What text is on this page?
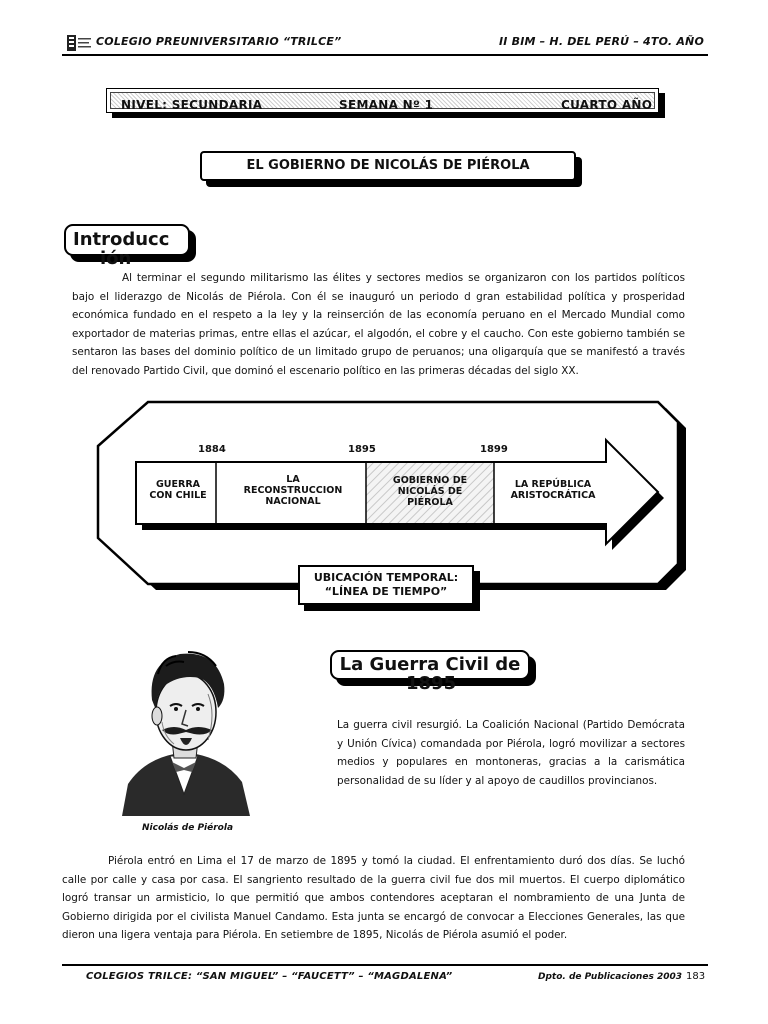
COLEGIO PREUNIVERSITARIO “TRILCE”	II BIM – H. DEL PERÚ – 4TO. AÑO
NIVEL: SECUNDARIA	SEMANA Nº 1	CUARTO AÑO
EL GOBIERNO DE NICOLÁS DE PIÉROLA
Introducc
ión
Al terminar el segundo militarismo las élites y sectores medios se organizaron con los partidos políticos bajo el liderazgo de Nicolás de Piérola. Con él se inauguró un periodo d gran estabilidad política y prosperidad económica fundado en el respeto a la ley y la reinserción de las economía peruano en el Mercado Mundial como exportador de materias primas, entre ellas el azúcar, el algodón, el cobre y el caucho. Con este gobierno también se sentaron las bases del dominio político de un limitado grupo de peruanos; una oligarquía que se manifestó a través del renovado Partido Civil, que dominó el escenario político en las primeras décadas del siglo XX.
1884	1895	1899
GUERRA
CON CHILE
LA
RECONSTRUCCION
NACIONAL
GOBIERNO DE
NICOLÁS DE
PIÉROLA
LA REPÚBLICA
ARISTOCRÁTICA
UBICACIÓN TEMPORAL:
“LÍNEA DE TIEMPO”
Nicolás de Piérola
La Guerra Civil de
1895
La guerra civil resurgió. La Coalición Nacional (Partido Demócrata y Unión Cívica) comandada por Piérola, logró movilizar a sectores medios y populares en montoneras, gracias a la carismática personalidad de su líder y al apoyo de caudillos provincianos.
Piérola entró en Lima el 17 de marzo de 1895 y tomó la ciudad. El enfrentamiento duró dos días. Se luchó calle por calle y casa por casa. El sangriento resultado de la guerra civil fue dos mil muertos. El cuerpo diplomático logró transar un armisticio, lo que permitió que ambos contendores aceptaran el nombramiento de una Junta de Gobierno dirigida por el civilista Manuel Candamo. Esta junta se encargó de convocar a Elecciones Generales, las que dieron una ligera ventaja para Piérola. En setiembre de 1895, Nicolás de Piérola asumió el poder.
COLEGIOS TRILCE: “SAN MIGUEL” – “FAUCETT” – “MAGDALENA”	Dpto. de Publicaciones 2003 183
